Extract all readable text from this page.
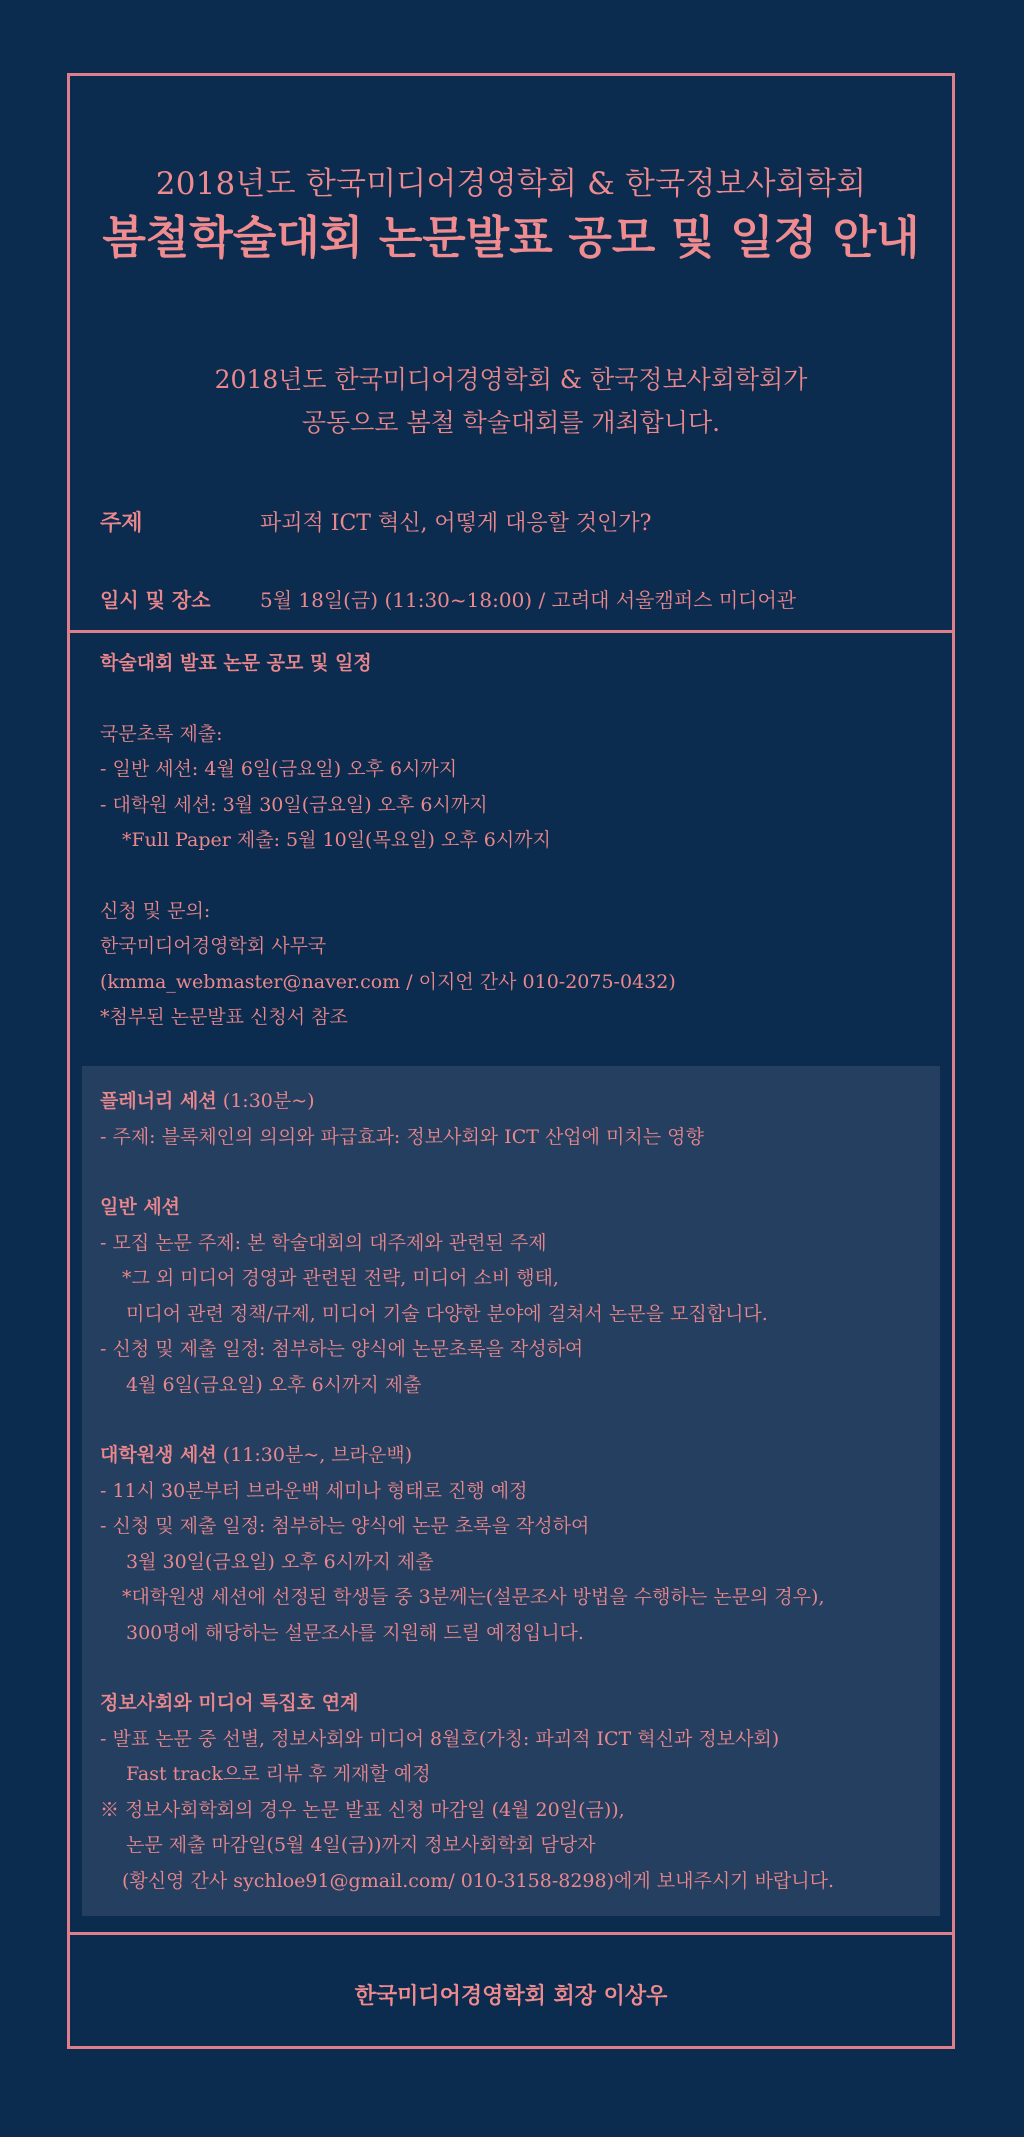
2018년도 한국미디어경영학회 & 한국정보사회학회
봄철학술대회 논문발표 공모 및 일정 안내
2018년도 한국미디어경영학회 & 한국정보사회학회가
공동으로 봄철 학술대회를 개최합니다.
주제	파괴적 ICT 혁신, 어떻게 대응할 것인가?
일시 및 장소 5월 18일(금) (11:30~18:00) / 고려대 서울캠퍼스 미디어관
학술대회 발표 논문 공모 및 일정
국문초록 제출:
- 일반 세션: 4월 6일(금요일) 오후 6시까지
- 대학원 세션: 3월 30일(금요일) 오후 6시까지
*Full Paper 제출: 5월 10일(목요일) 오후 6시까지
신청 및 문의:
한국미디어경영학회 사무국
(kmma_webmaster@naver.com / 이지언 간사 010-2075-0432)
*첨부된 논문발표 신청서 참조
플레너리 세션 (1:30분~)
- 주제: 블록체인의 의의와 파급효과: 정보사회와 ICT 산업에 미치는 영향
일반 세션
- 모집 논문 주제: 본 학술대회의 대주제와 관련된 주제
*그 외 미디어 경영과 관련된 전략, 미디어 소비 행태,
미디어 관련 정책/규제, 미디어 기술 다양한 분야에 걸쳐서 논문을 모집합니다.
- 신청 및 제출 일정: 첨부하는 양식에 논문초록을 작성하여
4월 6일(금요일) 오후 6시까지 제출
대학원생 세션 (11:30분~, 브라운백)
- 11시 30분부터 브라운백 세미나 형태로 진행 예정
- 신청 및 제출 일정: 첨부하는 양식에 논문 초록을 작성하여
3월 30일(금요일) 오후 6시까지 제출
*대학원생 세션에 선정된 학생들 중 3분께는(설문조사 방법을 수행하는 논문의 경우),
300명에 해당하는 설문조사를 지원해 드릴 예정입니다.
정보사회와 미디어 특집호 연계
- 발표 논문 중 선별, 정보사회와 미디어 8월호(가칭: 파괴적 ICT 혁신과 정보사회)
Fast track으로 리뷰 후 게재할 예정
※ 정보사회학회의 경우 논문 발표 신청 마감일 (4월 20일(금)),
논문 제출 마감일(5월 4일(금))까지 정보사회학회 담당자
(황신영 간사 sychloe91@gmail.com/ 010-3158-8298)에게 보내주시기 바랍니다.
한국미디어경영학회 회장 이상우
